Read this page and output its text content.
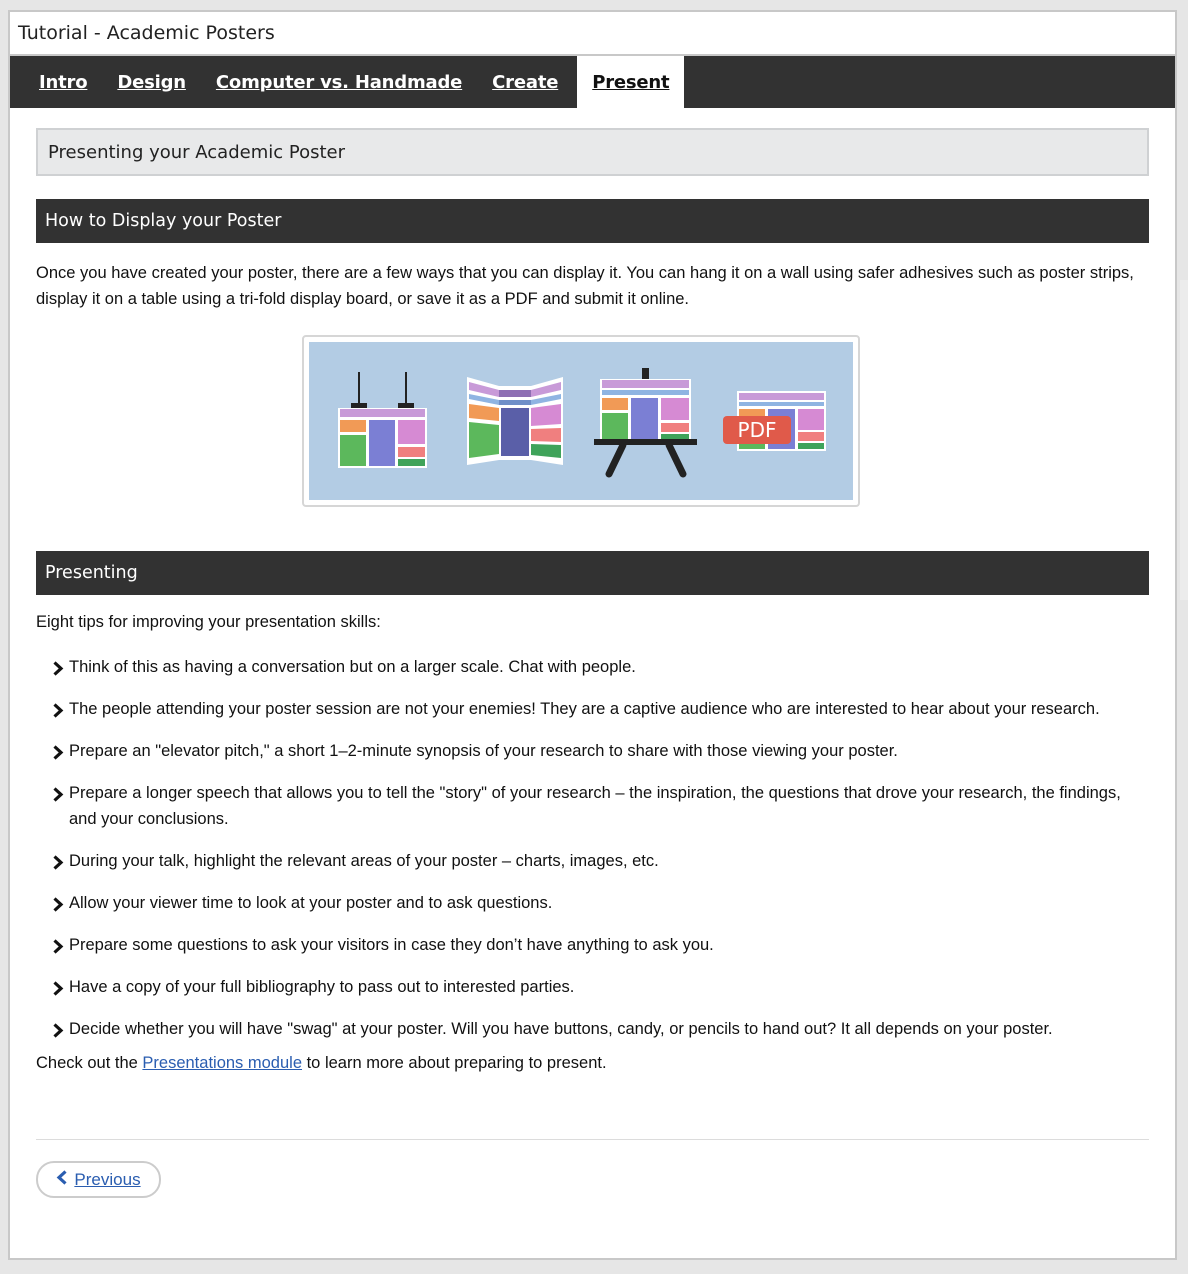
Tutorial - Academic Posters
Intro	Design	Computer vs. Handmade	Create	Present
Presenting your Academic Poster
How to Display your Poster

Once you have created your poster, there are a few ways that you can display it. You can hang it on a wall using safer adhesives such as poster strips, display it on a table using a tri-fold display board, or save it as a PDF and submit it online.

PDF
Presenting

Eight tips for improving your presentation skills:

Think of this as having a conversation but on a larger scale. Chat with people.
The people attending your poster session are not your enemies! They are a captive audience who are interested to hear about your research.
Prepare an "elevator pitch," a short 1–2-minute synopsis of your research to share with those viewing your poster.
Prepare a longer speech that allows you to tell the "story" of your research – the inspiration, the questions that drove your research, the findings, and your conclusions.
During your talk, highlight the relevant areas of your poster – charts, images, etc.
Allow your viewer time to look at your poster and to ask questions.
Prepare some questions to ask your visitors in case they don’t have anything to ask you.
Have a copy of your full bibliography to pass out to interested parties.
Decide whether you will have "swag" at your poster. Will you have buttons, candy, or pencils to hand out? It all depends on your poster.

Check out the Presentations module to learn more about preparing to present.

Previous
